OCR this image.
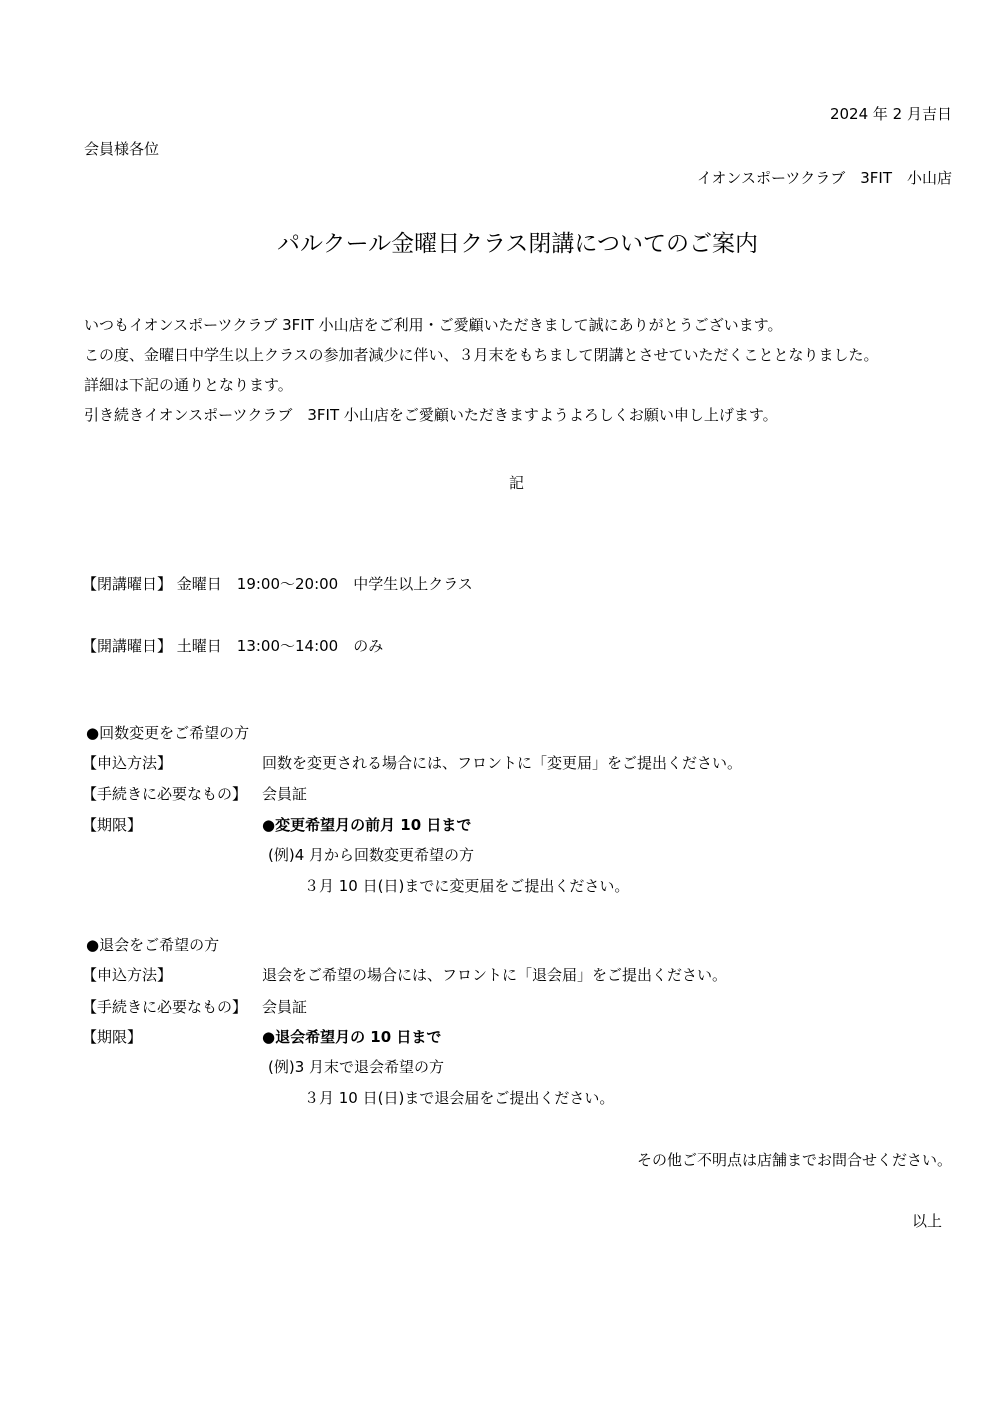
2024 年 2 月吉日
会員様各位
イオンスポーツクラブ　3FIT　小山店
パルクール金曜日クラス閉講についてのご案内
いつもイオンスポーツクラブ 3FIT 小山店をご利用・ご愛顧いただきまして誠にありがとうございます。
この度、金曜日中学生以上クラスの参加者減少に伴い、３月末をもちまして閉講とさせていただくこととなりました。
詳細は下記の通りとなります。
引き続きイオンスポーツクラブ　3FIT 小山店をご愛顧いただきますようよろしくお願い申し上げます。
記
【閉講曜日】 金曜日　19:00～20:00　中学生以上クラス
【開講曜日】 土曜日　13:00～14:00　のみ
●回数変更をご希望の方
【申込方法】	回数を変更される場合には、フロントに「変更届」をご提出ください。
【手続きに必要なもの】 会員証
【期限】	●変更希望月の前月 10 日まで
(例)4 月から回数変更希望の方
３月 10 日(日)までに変更届をご提出ください。
●退会をご希望の方
【申込方法】	退会をご希望の場合には、フロントに「退会届」をご提出ください。
【手続きに必要なもの】 会員証
【期限】	●退会希望月の 10 日まで
(例)3 月末で退会希望の方
３月 10 日(日)まで退会届をご提出ください。
その他ご不明点は店舗までお問合せください。
以上
